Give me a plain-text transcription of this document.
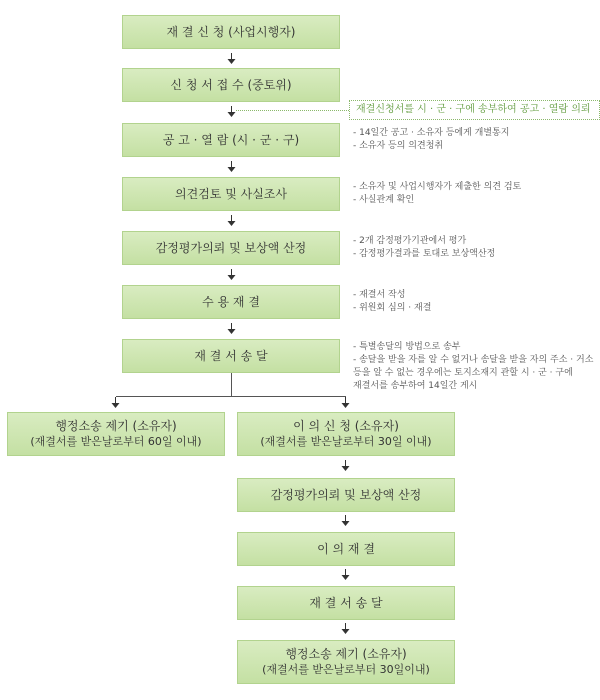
재 결 신 청 (사업시행자)
신 청 서 접 수 (중토위)
재결신청서를 시 · 군 · 구에 송부하여 공고 · 열람 의뢰
공 고 · 열 람 (시 · 군 · 구)	- 14일간 공고 · 소유자 등에게 개별통지
- 소유자 등의 의견청취
의견검토 및 사실조사	- 소유자 및 사업시행자가 제출한 의견 검토
- 사실관계 확인
감정평가의뢰 및 보상액 산정	- 2개 감정평가기관에서 평가
- 감정평가결과를 토대로 보상액산정
수 용 재 결	- 재결서 작성
- 위원회 심의 · 재결
재 결 서 송 달
- 특별송달의 방법으로 송부
- 송달을 받을 자를 알 수 없거나 송달을 받을 자의 주소 · 거소
등을 알 수 없는 경우에는 토지소재지 관할 시 · 군 · 구에
재결서를 송부하여 14일간 게시
행정소송 제기 (소유자)
(재결서를 받은날로부터 60일 이내)
이 의 신 청 (소유자)
(재결서를 받은날로부터 30일 이내)
감정평가의뢰 및 보상액 산정
이 의 재 결
재 결 서 송 달
행정소송 제기 (소유자)
(재결서를 받은날로부터 30일이내)
